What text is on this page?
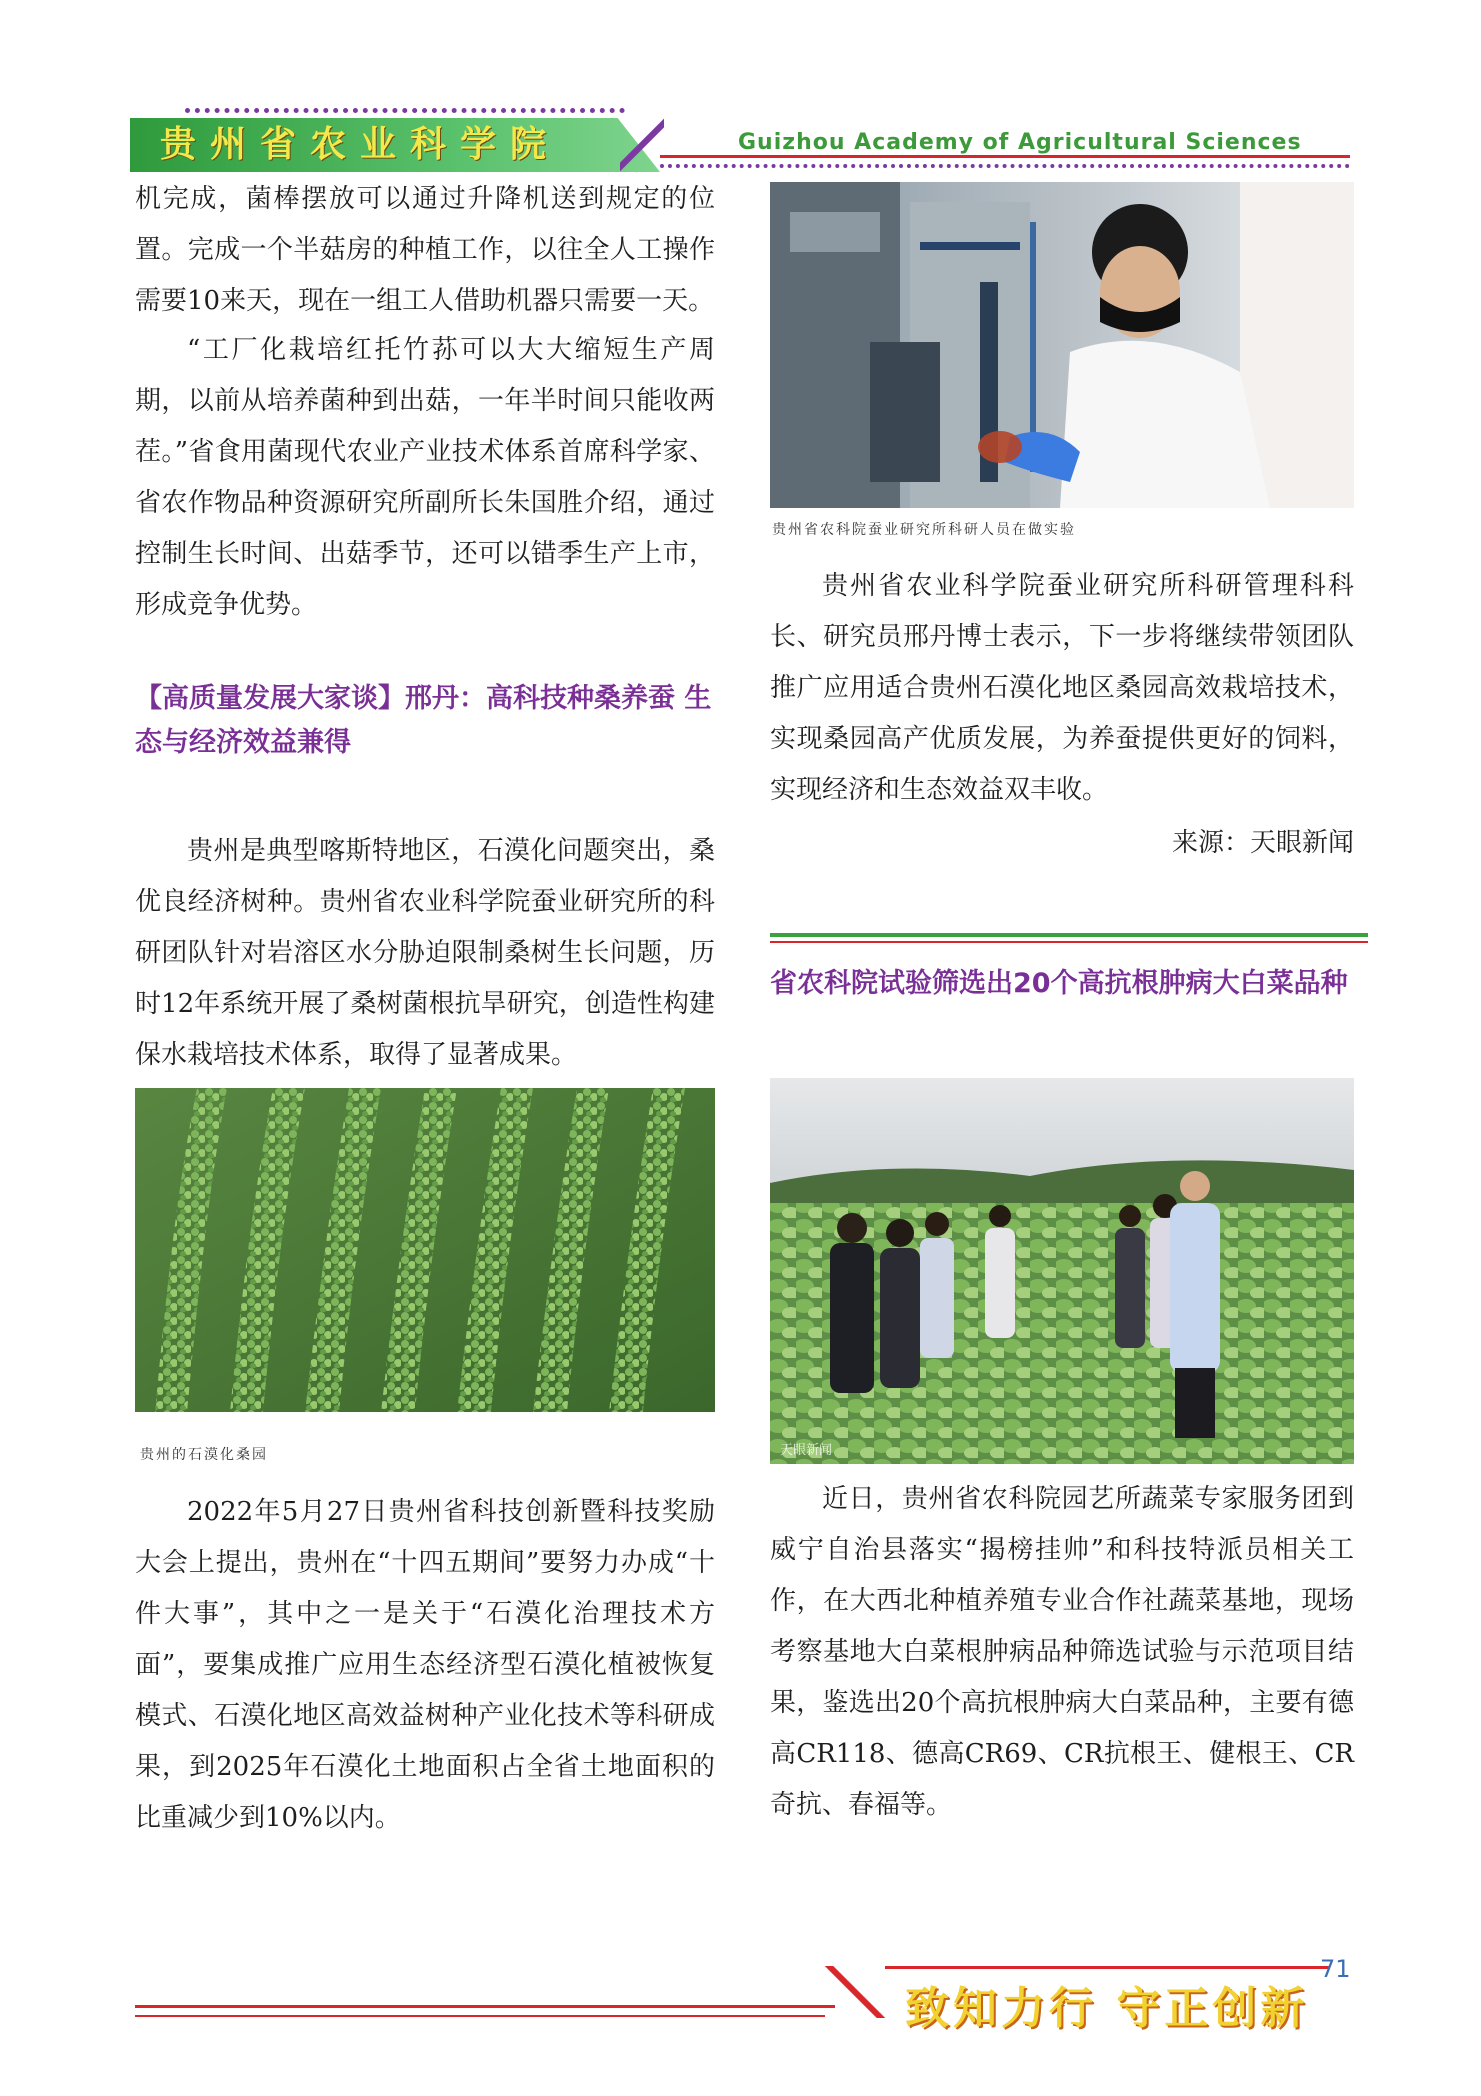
贵州省农业科学院	Guizhou Academy of Agricultural Sciences

机完成，菌棒摆放可以通过升降机送到规定的位置。完成一个半菇房的种植工作，以往全人工操作需要10来天，现在一组工人借助机器只需要一天。

“工厂化栽培红托竹荪可以大大缩短生产周期，以前从培养菌种到出菇，一年半时间只能收两茬。”省食用菌现代农业产业技术体系首席科学家、省农作物品种资源研究所副所长朱国胜介绍，通过控制生长时间、出菇季节，还可以错季生产上市，形成竞争优势。

【高质量发展大家谈】邢丹：高科技种桑养蚕 生态与经济效益兼得

贵州是典型喀斯特地区，石漠化问题突出，桑优良经济树种。贵州省农业科学院蚕业研究所的科研团队针对岩溶区水分胁迫限制桑树生长问题，历时12年系统开展了桑树菌根抗旱研究，创造性构建保水栽培技术体系，取得了显著成果。

贵州的石漠化桑园

2022年5月27日贵州省科技创新暨科技奖励大会上提出，贵州在“十四五期间”要努力办成“十件大事”，其中之一是关于“石漠化治理技术方面”，要集成推广应用生态经济型石漠化植被恢复模式、石漠化地区高效益树种产业化技术等科研成果，到2025年石漠化土地面积占全省土地面积的比重减少到10%以内。

贵州省农科院蚕业研究所科研人员在做实验

贵州省农业科学院蚕业研究所科研管理科科长、研究员邢丹博士表示，下一步将继续带领团队推广应用适合贵州石漠化地区桑园高效栽培技术，实现桑园高产优质发展，为养蚕提供更好的饲料，实现经济和生态效益双丰收。

来源：天眼新闻
省农科院试验筛选出20个高抗根肿病大白菜品种
天眼新闻

近日，贵州省农科院园艺所蔬菜专家服务团到威宁自治县落实“揭榜挂帅”和科技特派员相关工作，在大西北种植养殖专业合作社蔬菜基地，现场考察基地大白菜根肿病品种筛选试验与示范项目结果，鉴选出20个高抗根肿病大白菜品种，主要有德高CR118、德高CR69、CR抗根王、健根王、CR奇抗、春福等。

71
致知力行 守正创新
